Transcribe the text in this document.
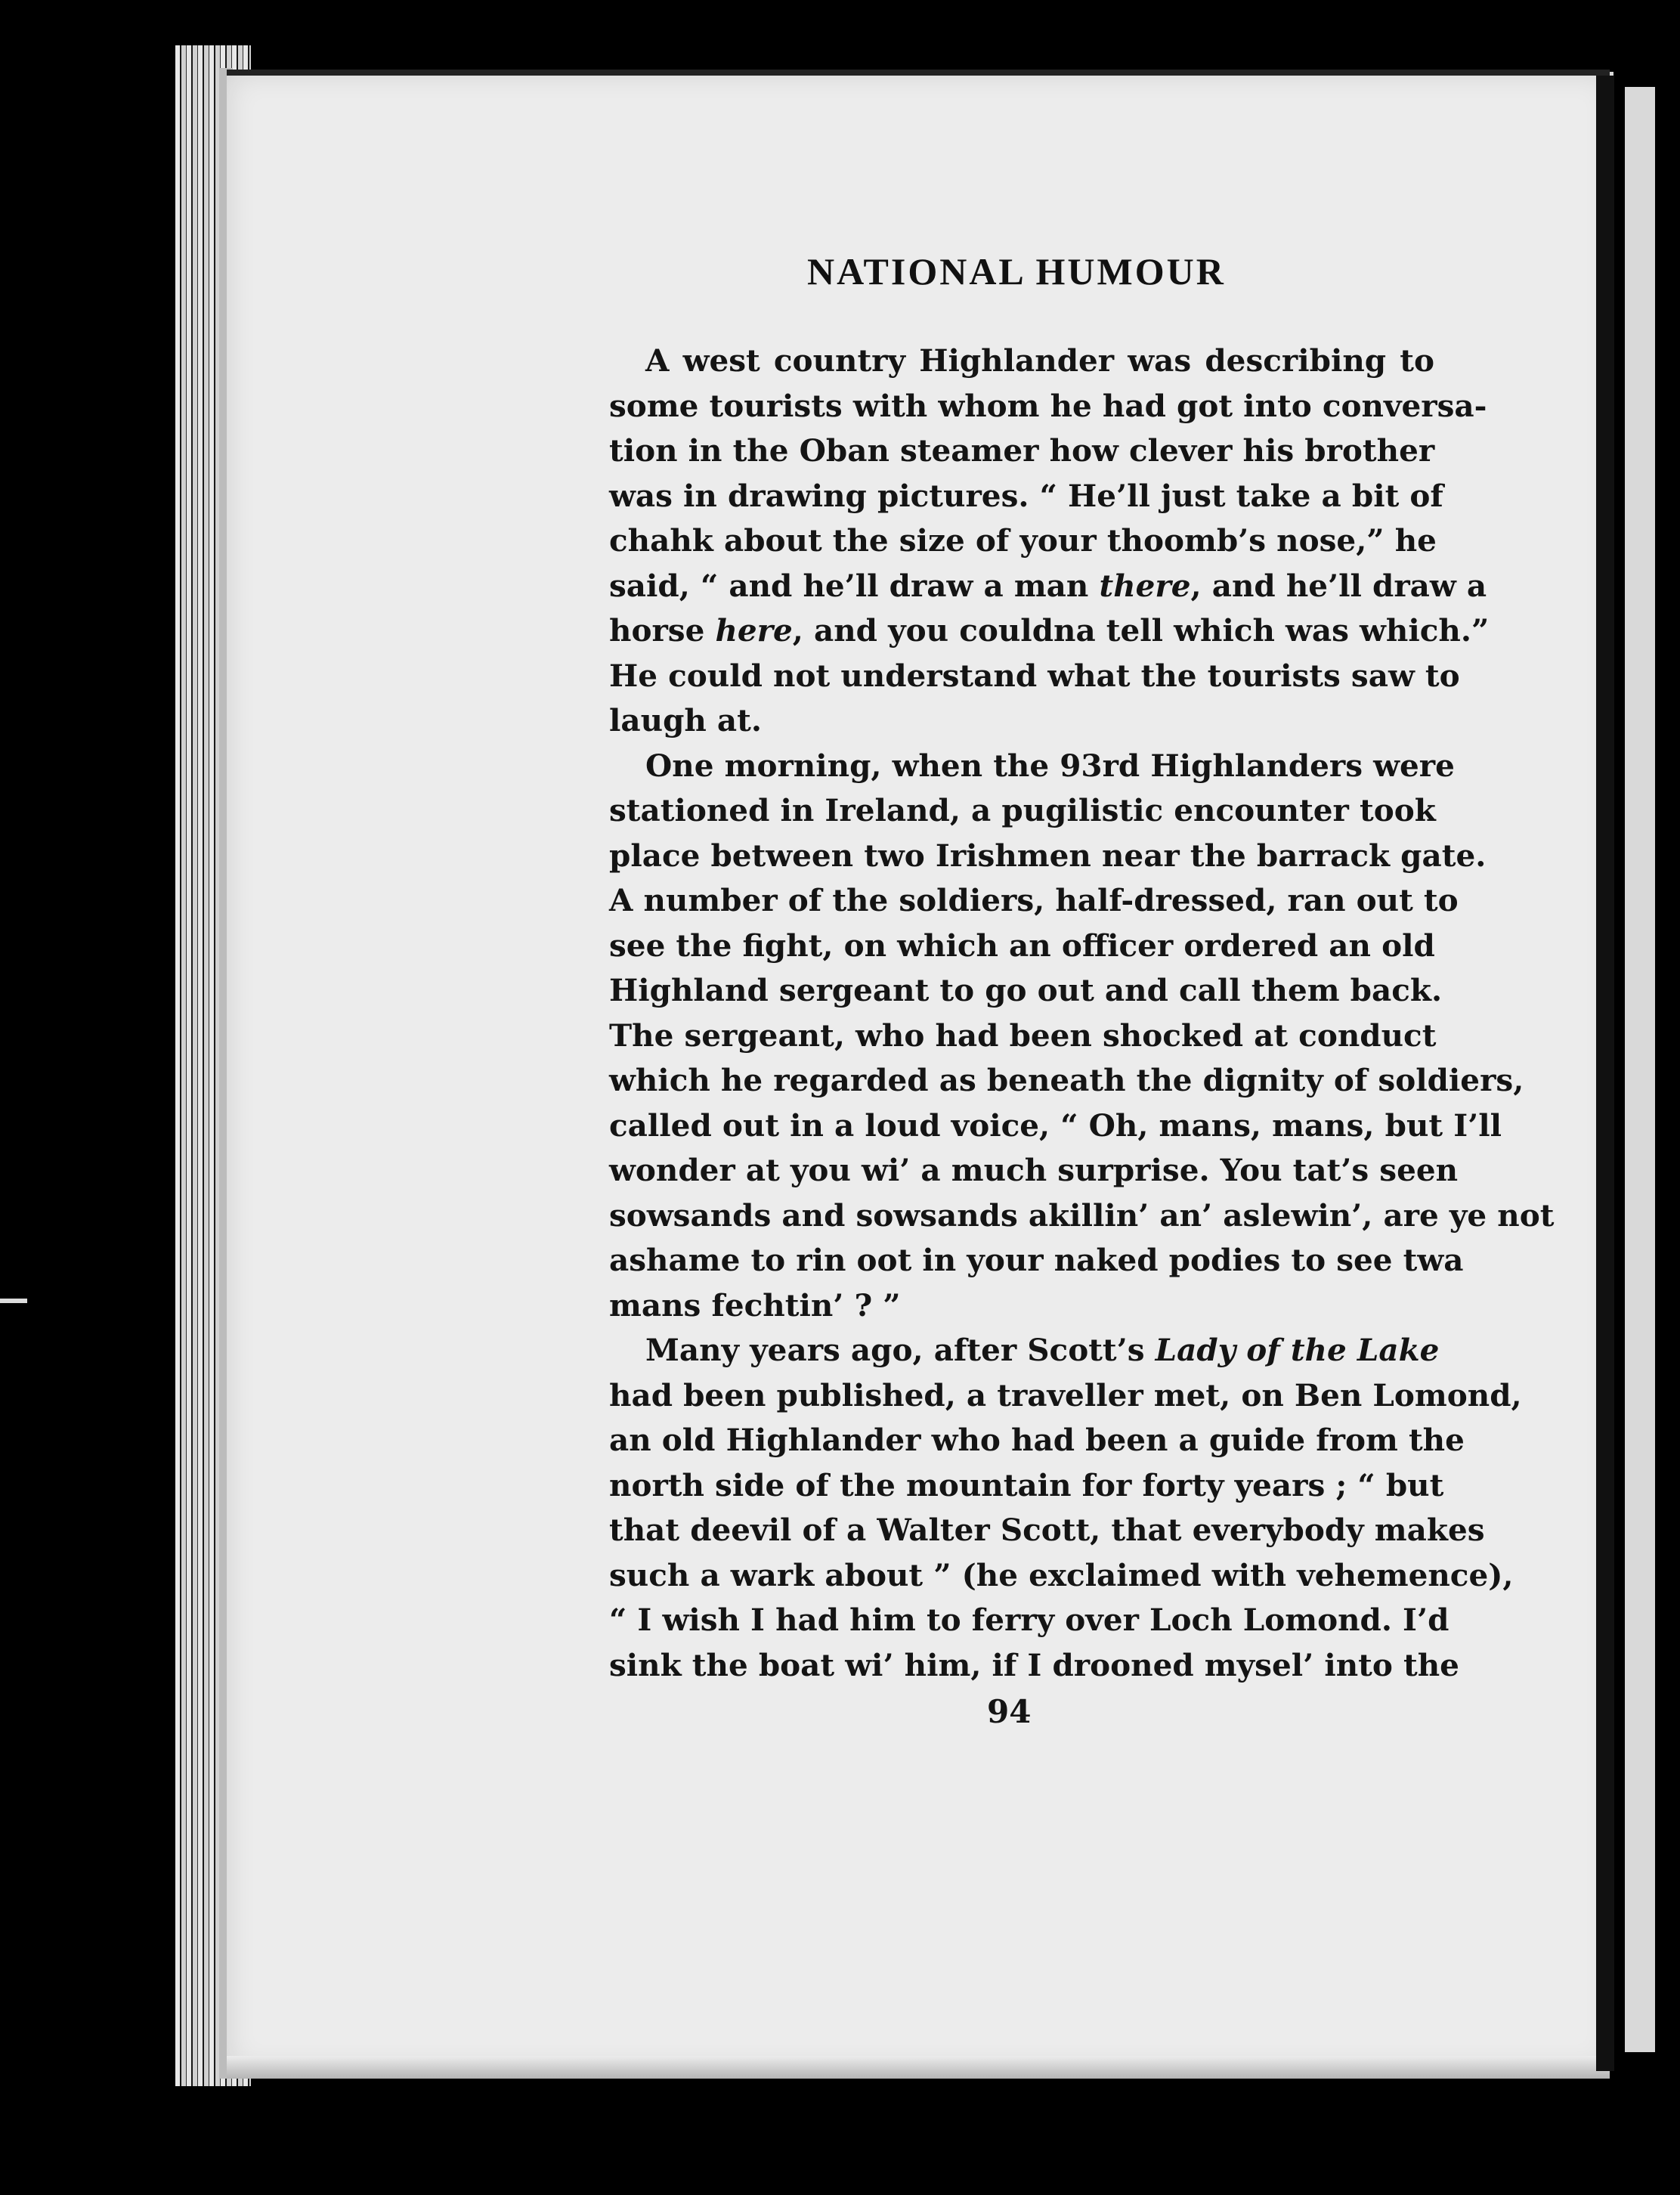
NATIONAL HUMOUR
A west country Highlander was describing to
some tourists with whom he had got into conversa-
tion in the Oban steamer how clever his brother
was in drawing pictures. “ He’ll just take a bit of
chahk about the size of your thoomb’s nose,” he
said, “ and he’ll draw a man there, and he’ll draw a
horse here, and you couldna tell which was which.”
He could not understand what the tourists saw to
laugh at.
One morning, when the 93rd Highlanders were
stationed in Ireland, a pugilistic encounter took
place between two Irishmen near the barrack gate.
A number of the soldiers, half-dressed, ran out to
see the fight, on which an officer ordered an old
Highland sergeant to go out and call them back.
The sergeant, who had been shocked at conduct
which he regarded as beneath the dignity of soldiers,
called out in a loud voice, “ Oh, mans, mans, but I’ll
wonder at you wi’ a much surprise. You tat’s seen
sowsands and sowsands akillin’ an’ aslewin’, are ye not
ashame to rin oot in your naked podies to see twa
mans fechtin’ ? ”
Many years ago, after Scott’s Lady of the Lake
had been published, a traveller met, on Ben Lomond,
an old Highlander who had been a guide from the
north side of the mountain for forty years ; “ but
that deevil of a Walter Scott, that everybody makes
such a wark about ” (he exclaimed with vehemence),
“ I wish I had him to ferry over Loch Lomond. I’d
sink the boat wi’ him, if I drooned mysel’ into the
94
